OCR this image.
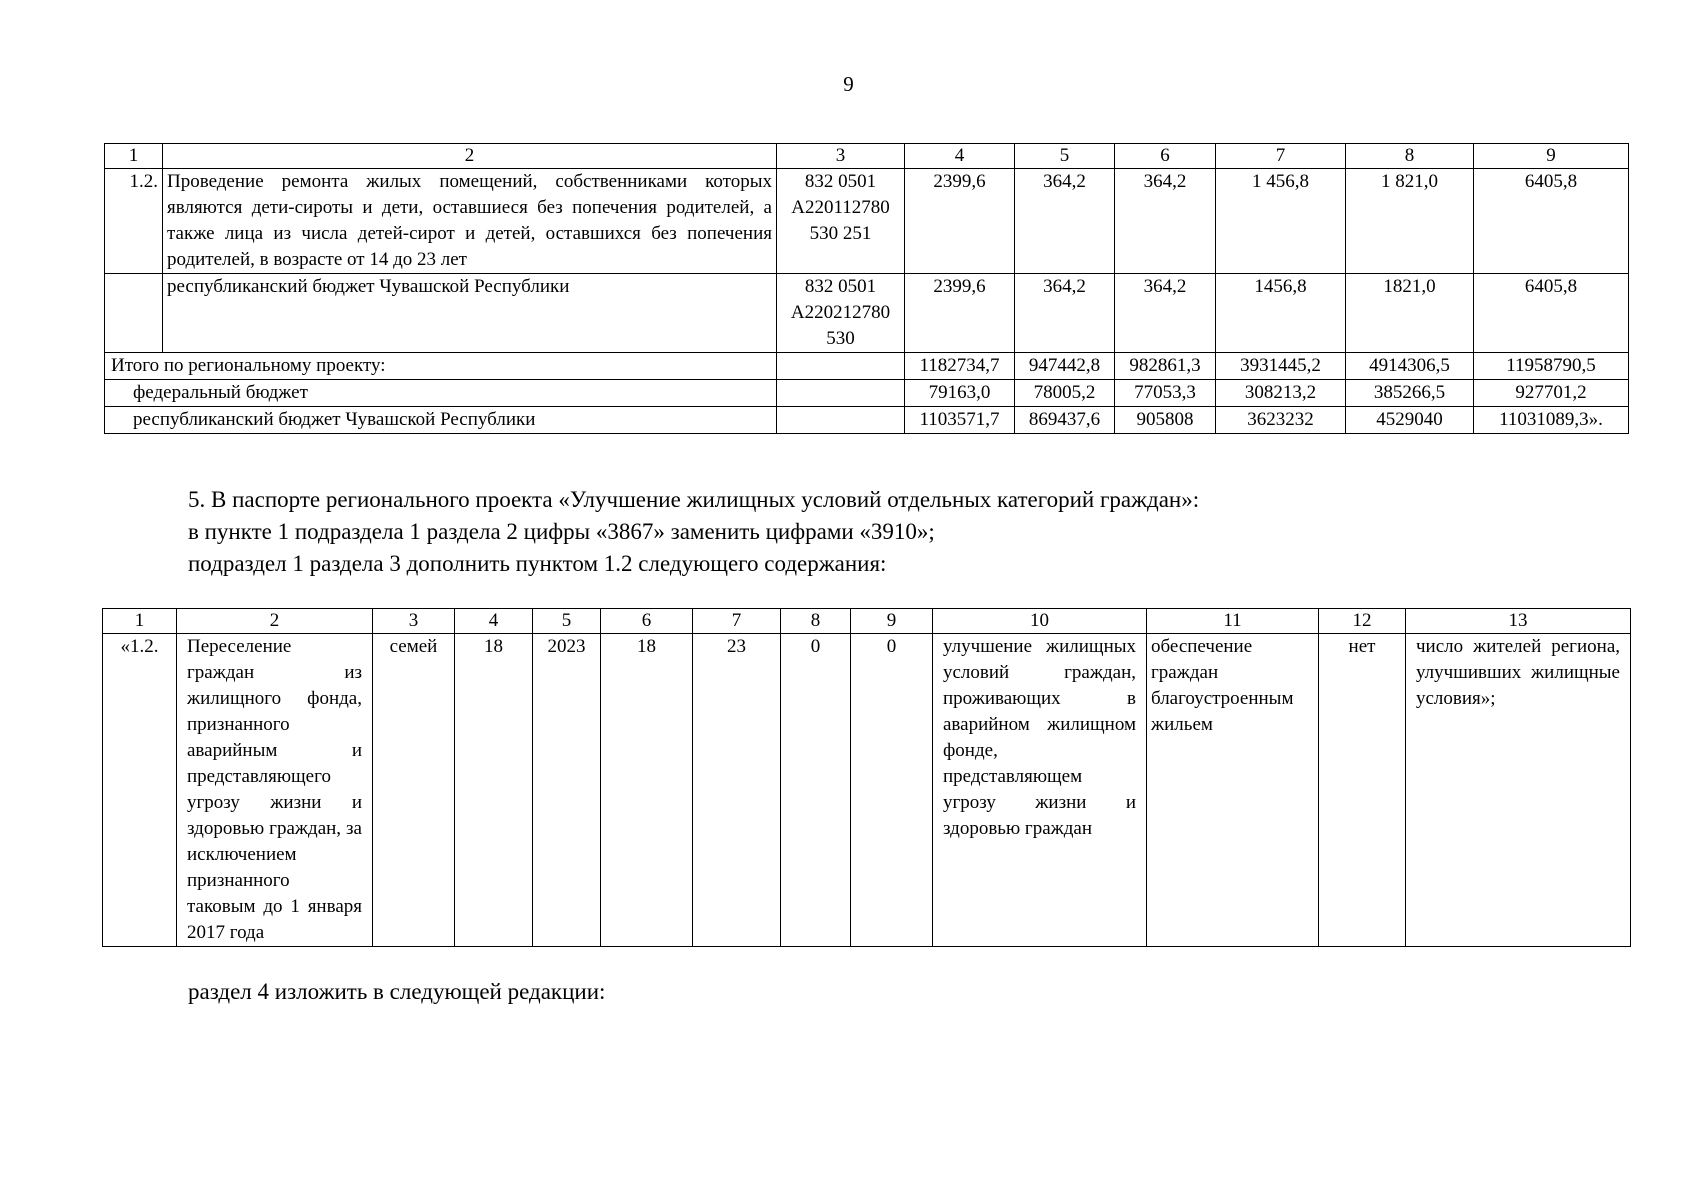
9
1	2	3	4	5	6	7	8	9
1.2.	Проведение ремонта жилых помещений, собственниками которых являются дети-сироты и дети, оставшиеся без попечения родителей, а также лица из числа детей-сирот и детей, оставшихся без попечения родителей, в возрасте от 14 до 23 лет	832 0501 А220112780 530 251	2399,6	364,2	364,2	1 456,8	1 821,0	6405,8
	республиканский бюджет Чувашской Республики	832 0501 А220212780 530	2399,6	364,2	364,2	1456,8	1821,0	6405,8
Итого по региональному проекту:			1182734,7	947442,8	982861,3	3931445,2	4914306,5	11958790,5
федеральный бюджет			79163,0	78005,2	77053,3	308213,2	385266,5	927701,2
республиканский бюджет Чувашской Республики			1103571,7	869437,6	905808	3623232	4529040	11031089,3».
5. В паспорте регионального проекта «Улучшение жилищных условий отдельных категорий граждан»:
в пункте 1 подраздела 1 раздела 2 цифры «3867» заменить цифрами «3910»;
подраздел 1 раздела 3 дополнить пунктом 1.2 следующего содержания:
1	2	3	4	5	6	7	8	9	10	11	12	13
«1.2.	Переселение граждан из жилищного фонда, признанного аварийным и представляющего угрозу жизни и здоровью граждан, за исключением признанного таковым до 1 января 2017 года	семей	18	2023	18	23	0	0	улучшение жилищных условий граждан, проживающих в аварийном жилищном фонде, представляющем угрозу жизни и здоровью граждан	обеспечение граждан благоустроенным жильем	нет	число жителей региона, улучшивших жилищные условия»;
раздел 4 изложить в следующей редакции:
